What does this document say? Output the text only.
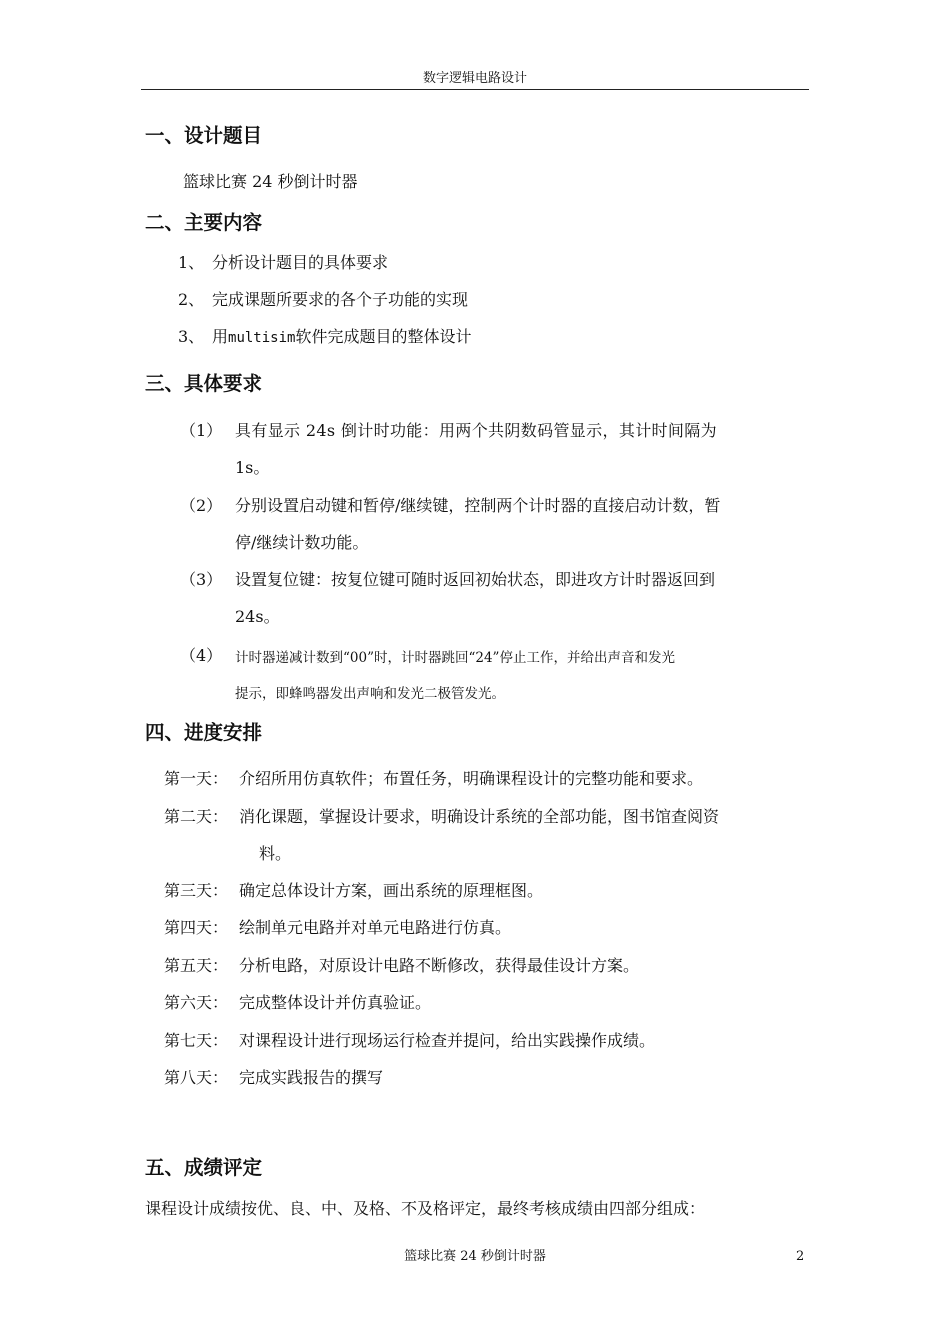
数字逻辑电路设计
一、设计题目
篮球比赛 24 秒倒计时器
二、主要内容
1、 分析设计题目的具体要求
2、 完成课题所要求的各个子功能的实现
3、 用multisim软件完成题目的整体设计
三、具体要求
（1） 具有显示 24s 倒计时功能：用两个共阴数码管显示，其计时间隔为
1s。
（2） 分别设置启动键和暂停/继续键，控制两个计时器的直接启动计数，暂
停/继续计数功能。
（3） 设置复位键：按复位键可随时返回初始状态，即进攻方计时器返回到
24s。
（4） 计时器递减计数到“00”时，计时器跳回“24”停止工作，并给出声音和发光
提示，即蜂鸣器发出声响和发光二极管发光。
四、进度安排
第一天： 介绍所用仿真软件；布置任务，明确课程设计的完整功能和要求。
第二天： 消化课题，掌握设计要求，明确设计系统的全部功能，图书馆查阅资
料。
第三天： 确定总体设计方案，画出系统的原理框图。
第四天： 绘制单元电路并对单元电路进行仿真。
第五天： 分析电路，对原设计电路不断修改，获得最佳设计方案。
第六天： 完成整体设计并仿真验证。
第七天： 对课程设计进行现场运行检查并提问，给出实践操作成绩。
第八天： 完成实践报告的撰写
五、成绩评定
课程设计成绩按优、良、中、及格、不及格评定，最终考核成绩由四部分组成：
篮球比赛 24 秒倒计时器	2
